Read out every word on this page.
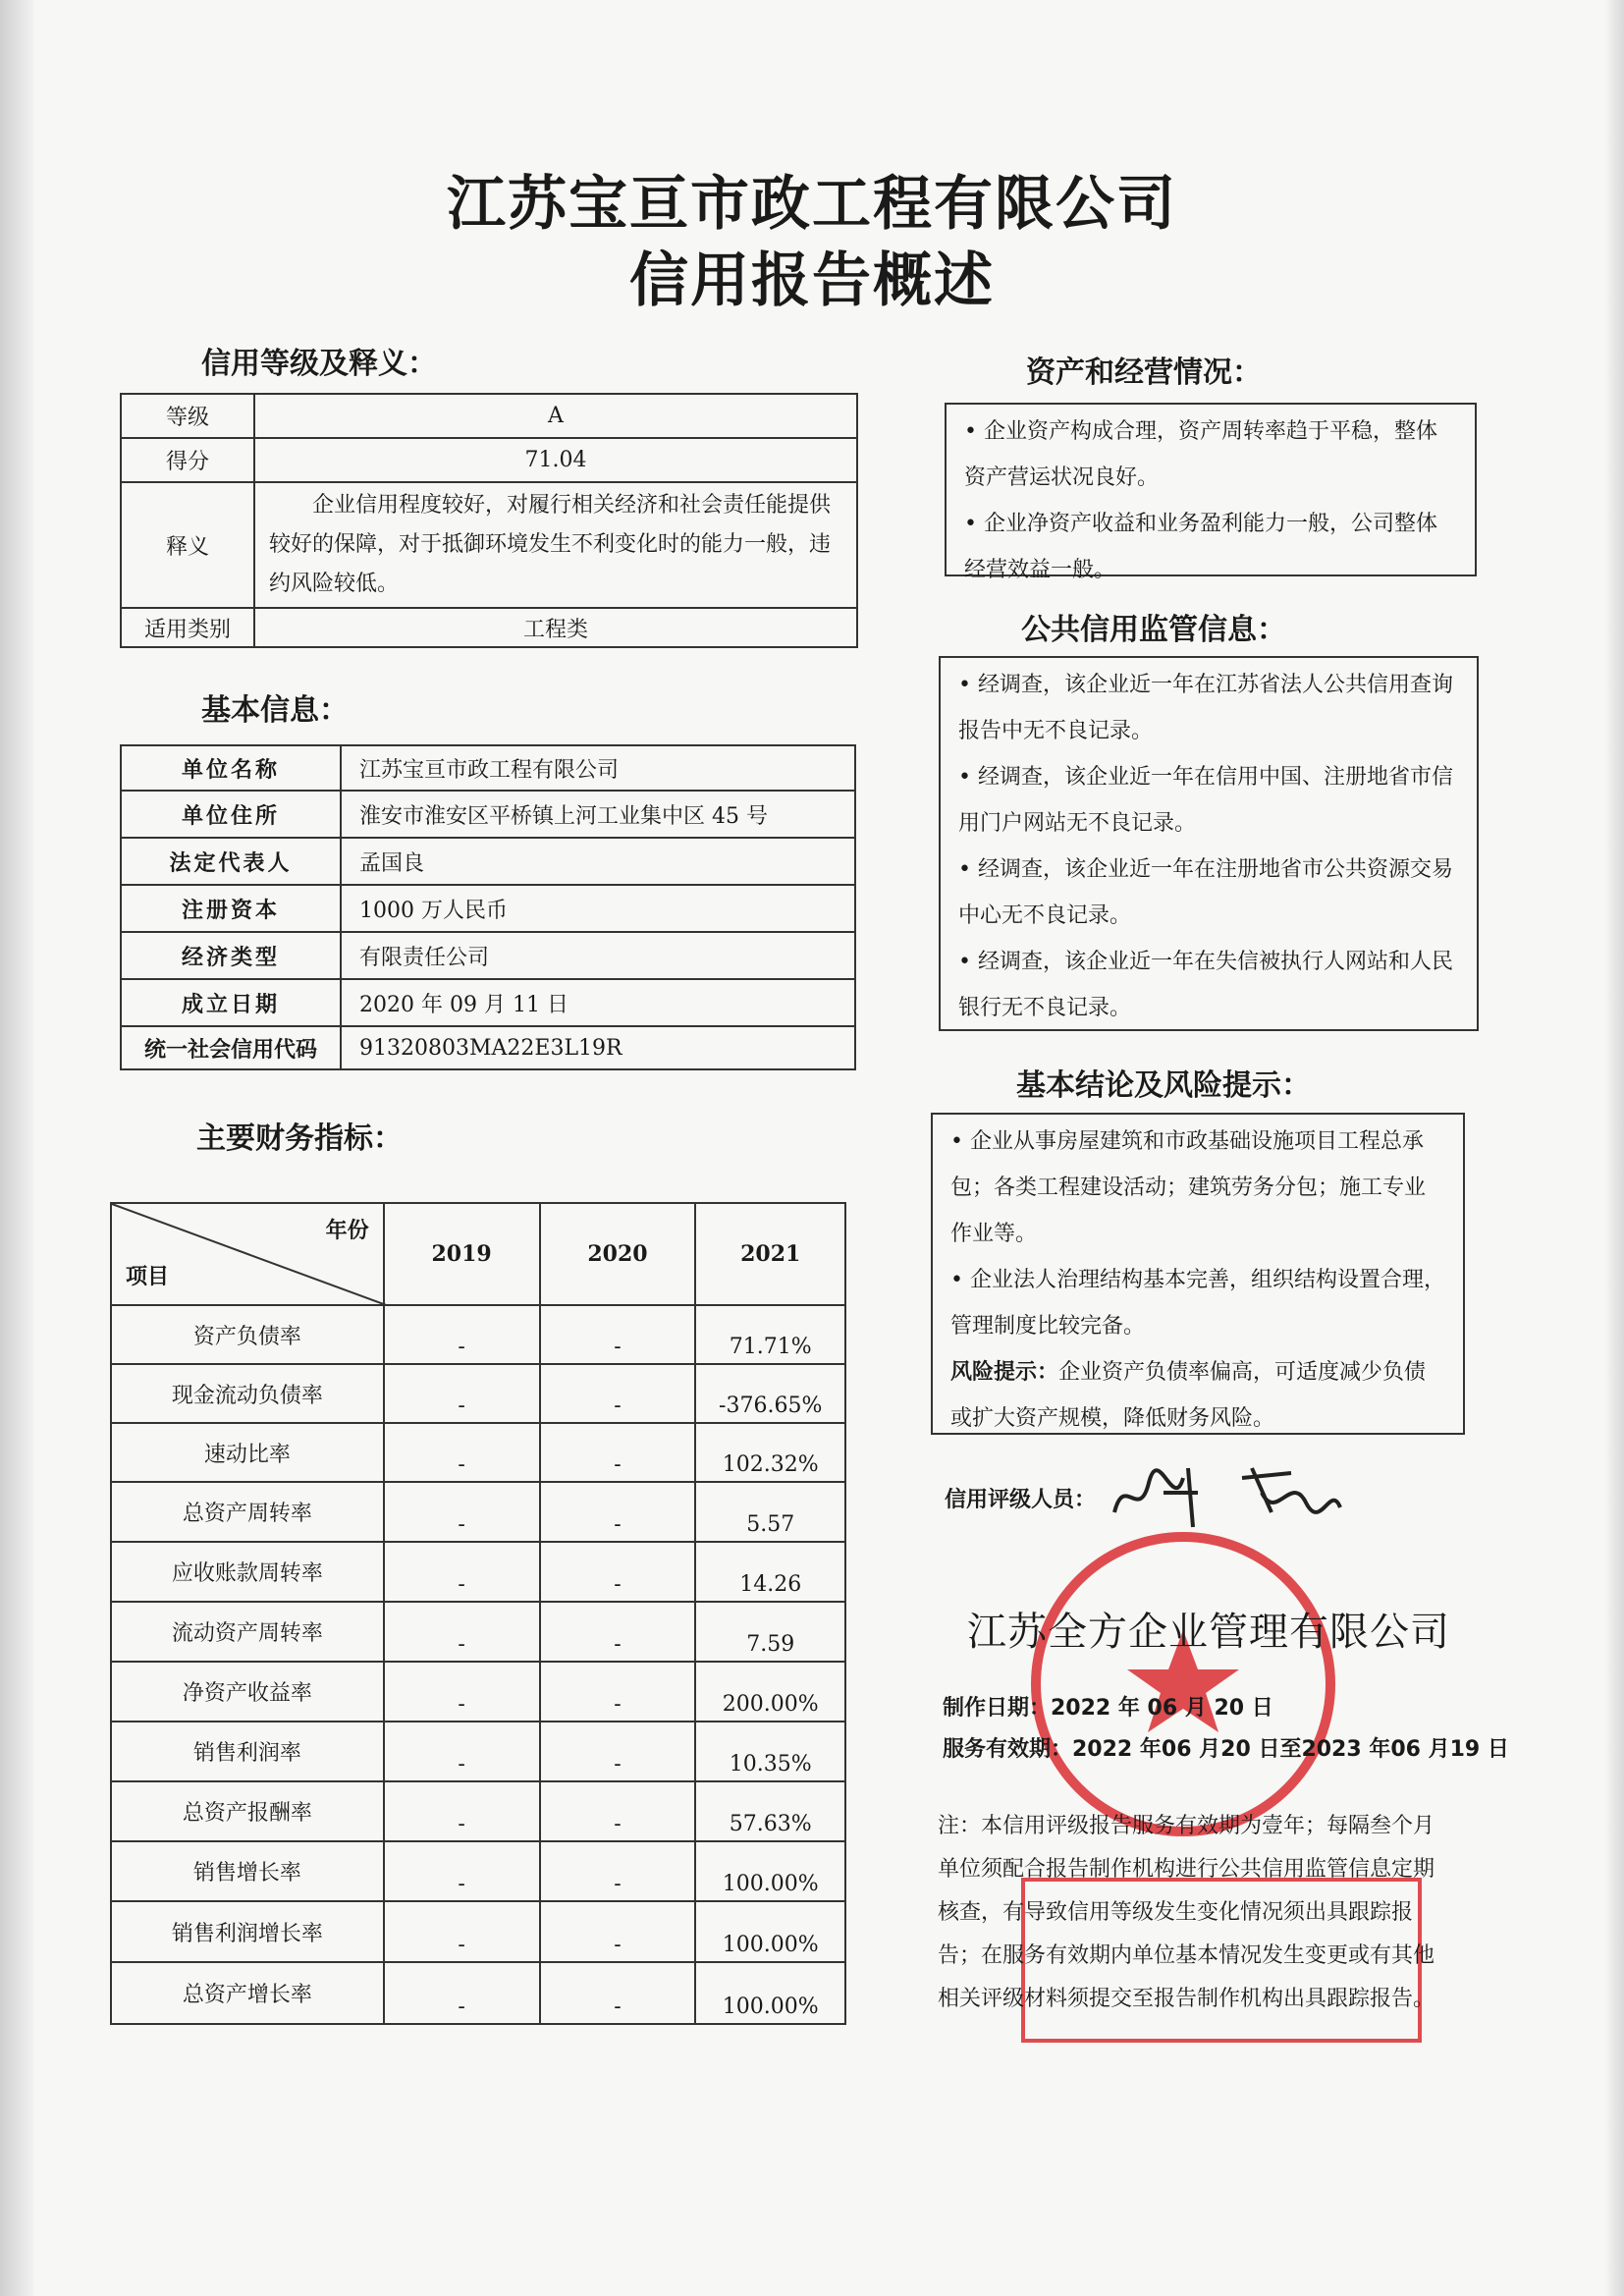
江苏宝亘市政工程有限公司
信用报告概述
信用等级及释义：
等级	A
得分	71.04
释义	企业信用程度较好，对履行相关经济和社会责任能提供较好的保障，对于抵御环境发生不利变化时的能力一般，违约风险较低。
适用类别	工程类
基本信息：
单位名称	江苏宝亘市政工程有限公司
单位住所	淮安市淮安区平桥镇上河工业集中区 45 号
法定代表人	孟国良
注册资本	1000 万人民币
经济类型	有限责任公司
成立日期	2020 年 09 月 11 日
统一社会信用代码	91320803MA22E3L19R
主要财务指标：
年份
项目	2019	2020	2021
资产负债率	-	-	71.71%
现金流动负债率	-	-	-376.65%
速动比率	-	-	102.32%
总资产周转率	-	-	5.57
应收账款周转率	-	-	14.26
流动资产周转率	-	-	7.59
净资产收益率	-	-	200.00%
销售利润率	-	-	10.35%
总资产报酬率	-	-	57.63%
销售增长率	-	-	100.00%
销售利润增长率	-	-	100.00%
总资产增长率	-	-	100.00%
资产和经营情况：

• 企业资产构成合理，资产周转率趋于平稳，整体资产营运状况良好。

• 企业净资产收益和业务盈利能力一般，公司整体经营效益一般。

公共信用监管信息：

• 经调查，该企业近一年在江苏省法人公共信用查询报告中无不良记录。

• 经调查，该企业近一年在信用中国、注册地省市信用门户网站无不良记录。

• 经调查，该企业近一年在注册地省市公共资源交易中心无不良记录。

• 经调查，该企业近一年在失信被执行人网站和人民银行无不良记录。

基本结论及风险提示：

• 企业从事房屋建筑和市政基础设施项目工程总承包；各类工程建设活动；建筑劳务分包；施工专业作业等。

• 企业法人治理结构基本完善，组织结构设置合理，管理制度比较完备。

风险提示：企业资产负债率偏高，可适度减少负债或扩大资产规模，降低财务风险。

信用评级人员：
江苏全方企业管理有限公司
制作日期：2022 年 06 月 20 日
服务有效期：2022 年06 月20 日至2023 年06 月19 日
注：本信用评级报告服务有效期为壹年；每隔叁个月单位须配合报告制作机构进行公共信用监管信息定期核查，有导致信用等级发生变化情况须出具跟踪报告；在服务有效期内单位基本情况发生变更或有其他相关评级材料须提交至报告制作机构出具跟踪报告。
